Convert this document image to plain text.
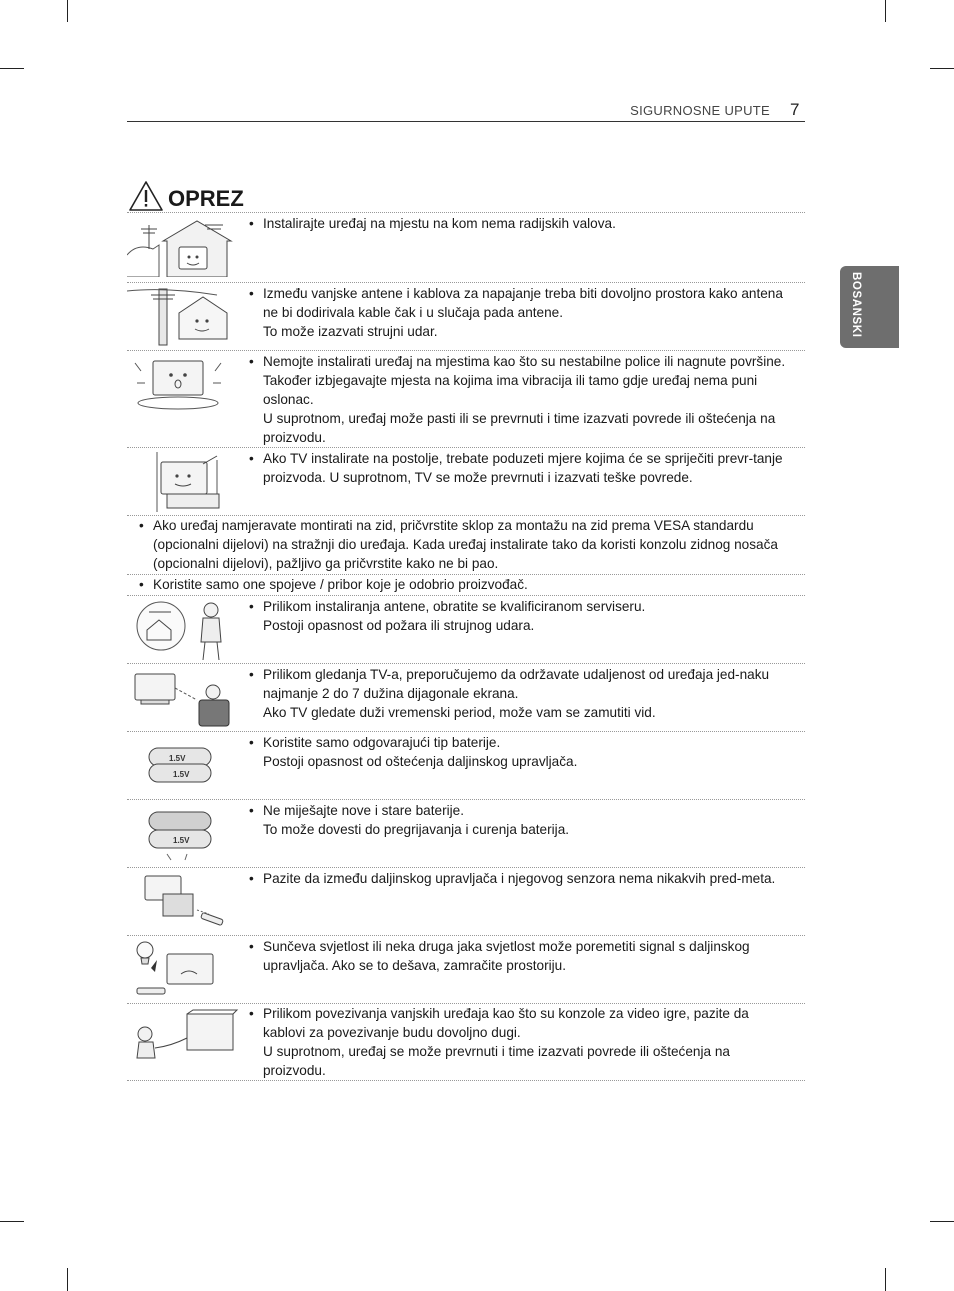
SIGURNOSNE UPUTE 7
BOSANSKI
OPREZ
• Instalirajte uređaj na mjestu na kom nema radijskih valova.

• Između vanjske antene i kablova za napajanje treba biti dovoljno prostora kako antena ne bi dodirivala kable čak i u slučaja pada antene.

To može izazvati strujni udar.

• Nemojte instalirati uređaj na mjestima kao što su nestabilne police ili nagnute površine. Također izbjegavajte mjesta na kojima ima vibracija ili tamo gdje uređaj nema puni oslonac.

U suprotnom, uređaj može pasti ili se prevrnuti i time izazvati povrede ili oštećenja na proizvodu.

• Ako TV instalirate na postolje, trebate poduzeti mjere kojima će se spriječiti prevr-tanje proizvoda. U suprotnom, TV se može prevrnuti i izazvati teške povrede.

• Ako uređaj namjeravate montirati na zid, pričvrstite sklop za montažu na zid prema VESA standardu (opcionalni dijelovi) na stražnji dio uređaja. Kada uređaj instalirate tako da koristi konzolu zidnog nosača (opcionalni dijelovi), pažljivo ga pričvrstite kako ne bi pao.

• Koristite samo one spojeve / pribor koje je odobrio proizvođač.

• Prilikom instaliranja antene, obratite se kvalificiranom serviseru.

Postoji opasnost od požara ili strujnog udara.

• Prilikom gledanja TV-a, preporučujemo da održavate udaljenost od uređaja jed-naku najmanje 2 do 7 dužina dijagonale ekrana.

Ako TV gledate duži vremenski period, može vam se zamutiti vid.

1.5V
1.5V
• Koristite samo odgovarajući tip baterije.

Postoji opasnost od oštećenja daljinskog upravljača.

1.5V
• Ne miješajte nove i stare baterije.

To može dovesti do pregrijavanja i curenja baterija.

• Pazite da između daljinskog upravljača i njegovog senzora nema nikakvih pred-meta.

• Sunčeva svjetlost ili neka druga jaka svjetlost može poremetiti signal s daljinskog upravljača. Ako se to dešava, zamračite prostoriju.

• Prilikom povezivanja vanjskih uređaja kao što su konzole za video igre, pazite da kablovi za povezivanje budu dovoljno dugi.

U suprotnom, uređaj se može prevrnuti i time izazvati povrede ili oštećenja na proizvodu.
